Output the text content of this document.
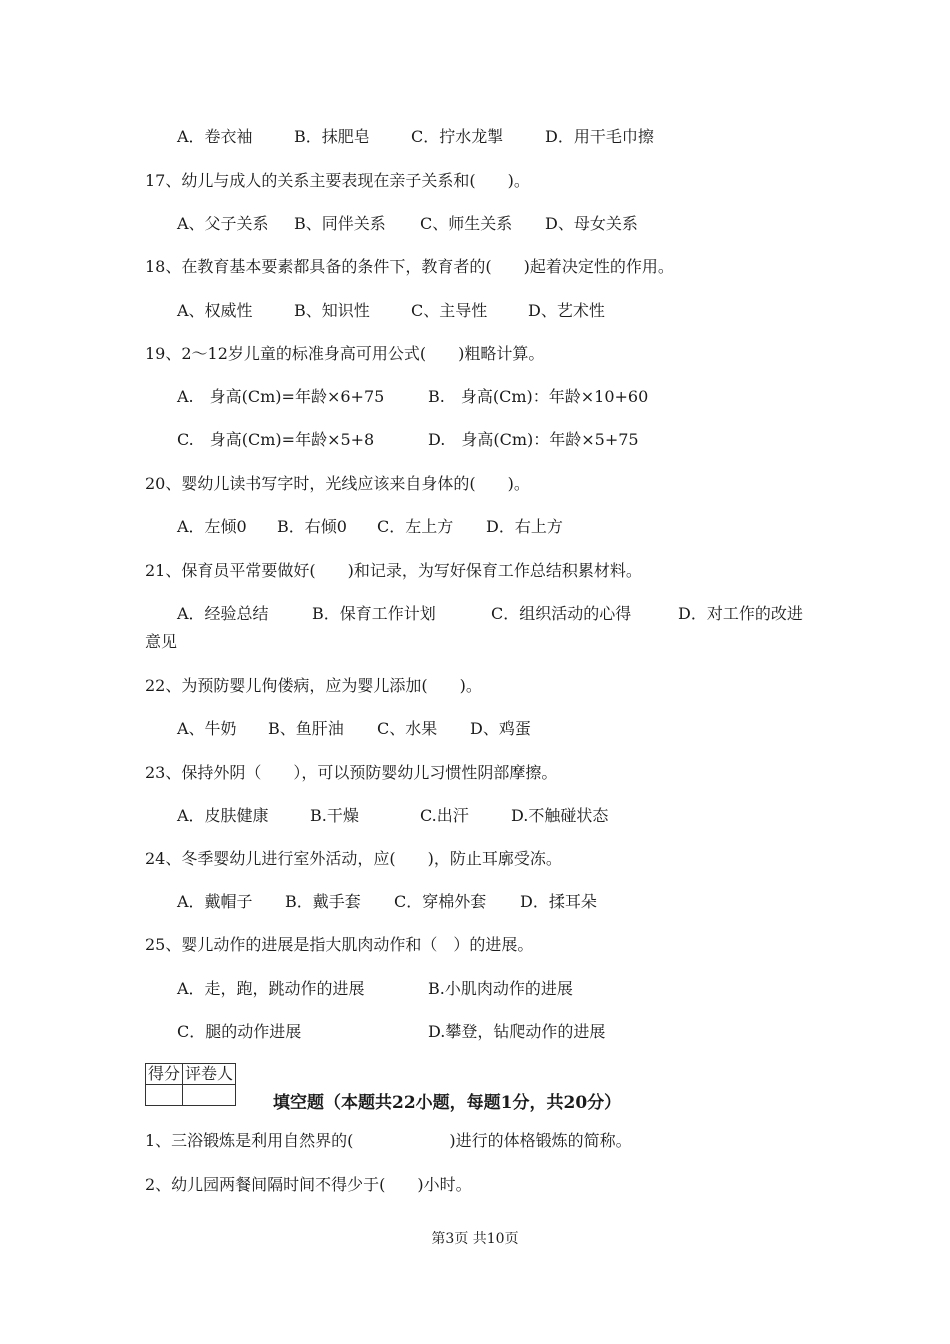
A．卷衣袖	B．抹肥皂	C．拧水龙掣	D．用干毛巾擦
17、幼儿与成人的关系主要表现在亲子关系和(　　)。
A、父子关系 B、同伴关系 C、师生关系 D、母女关系
18、在教育基本要素都具备的条件下，教育者的(　　)起着决定性的作用。
A、权威性	B、知识性	C、主导性	D、艺术性
19、2～12岁儿童的标准身高可用公式(　　)粗略计算。
A.　身高(Cm)=年龄×6+75	B.　身高(Cm)：年龄×10+60
C.　身高(Cm)=年龄×5+8	D.　身高(Cm)：年龄×5+75
20、婴幼儿读书写字时，光线应该来自身体的(　　)。
A．左倾0 B．右倾0 C．左上方 D．右上方
21、保育员平常要做好(　　)和记录，为写好保育工作总结积累材料。
A．经验总结	B．保育工作计划	C．组织活动的心得	D．对工作的改进
意见
22、为预防婴儿佝偻病，应为婴儿添加(　　)。
A、牛奶 B、鱼肝油 C、水果 D、鸡蛋
23、保持外阴（　　），可以预防婴幼儿习惯性阴部摩擦。
A．皮肤健康	B.干燥	C.出汗	D.不触碰状态
24、冬季婴幼儿进行室外活动，应(　　)，防止耳廓受冻。
A．戴帽子 B．戴手套 C．穿棉外套 D．揉耳朵
25、婴儿动作的进展是指大肌肉动作和（　）的进展。
A．走，跑，跳动作的进展	B.小肌肉动作的进展
C．腿的动作进展	D.攀登，钻爬动作的进展
得分	评卷人

填空题（本题共22小题，每题1分，共20分）
1、三浴锻炼是利用自然界的(　　　　　　)进行的体格锻炼的简称。
2、幼儿园两餐间隔时间不得少于(　　)小时。
第3页 共10页
